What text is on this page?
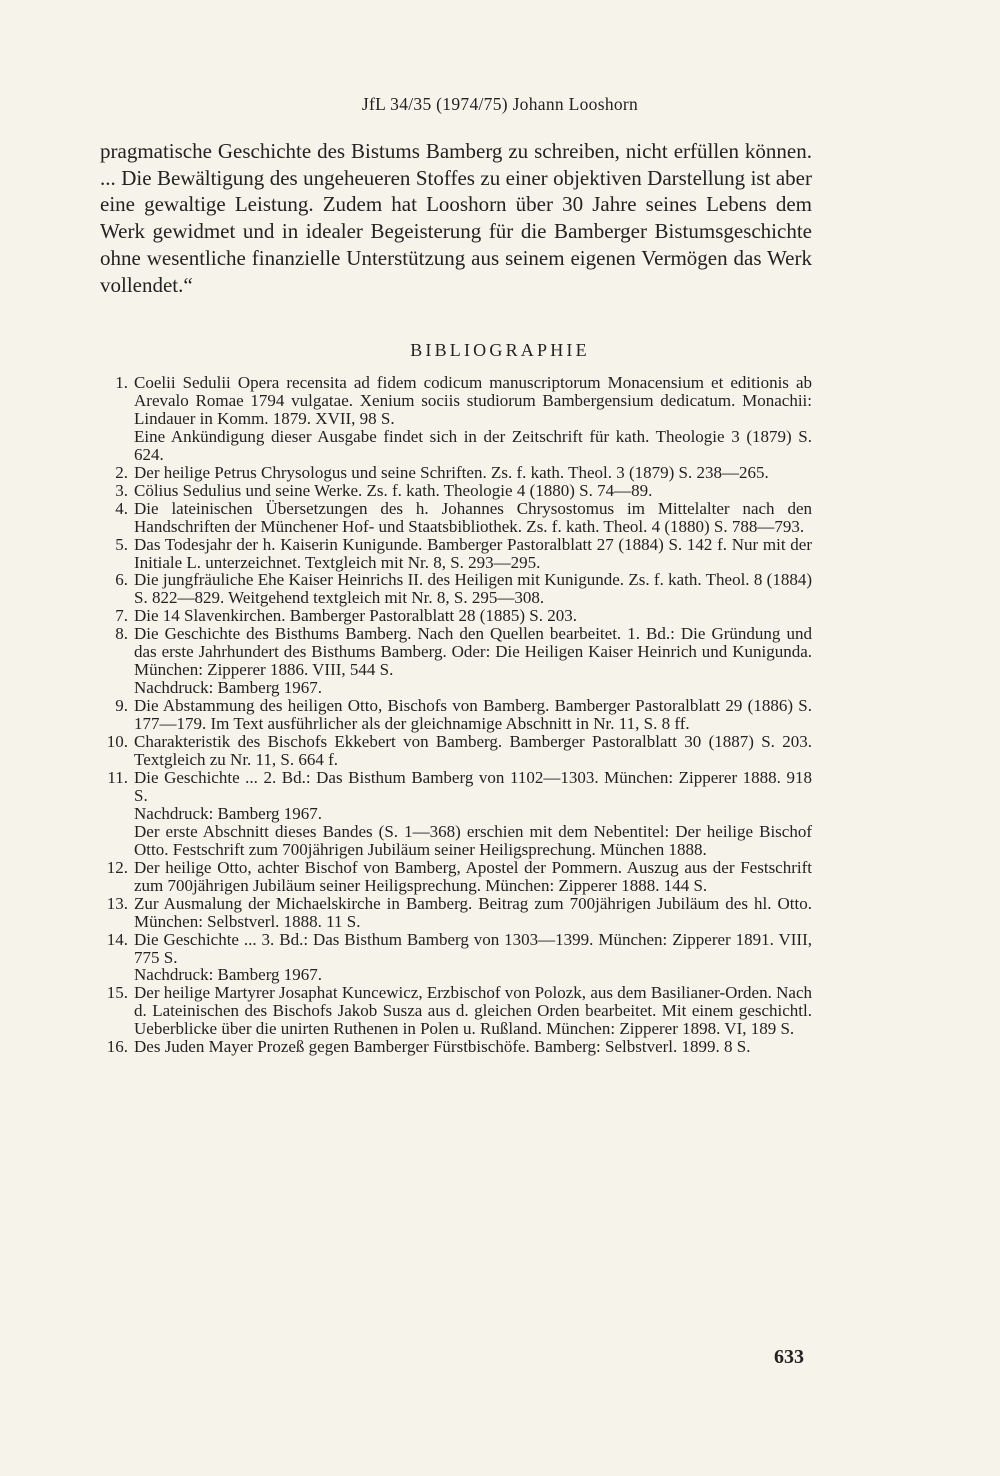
JfL 34/35 (1974/75) Johann Looshorn

pragmatische Geschichte des Bistums Bamberg zu schreiben, nicht erfüllen können. ... Die Bewältigung des ungeheueren Stoffes zu einer objektiven Darstellung ist aber eine gewaltige Leistung. Zudem hat Looshorn über 30 Jahre seines Lebens dem Werk gewidmet und in idealer Begeisterung für die Bamberger Bistumsgeschichte ohne wesentliche finanzielle Unterstützung aus seinem eigenen Vermögen das Werk vollendet.“

BIBLIOGRAPHIE
1. Coelii Sedulii Opera recensita ad fidem codicum manuscriptorum Monacensium et editionis ab Arevalo Romae 1794 vulgatae. Xenium sociis studiorum Bambergensium dedicatum. Monachii: Lindauer in Komm. 1879. XVII, 98 S.
Eine Ankündigung dieser Ausgabe findet sich in der Zeitschrift für kath. Theologie 3 (1879) S. 624.
2. Der heilige Petrus Chrysologus und seine Schriften. Zs. f. kath. Theol. 3 (1879) S. 238—265.
3. Cölius Sedulius und seine Werke. Zs. f. kath. Theologie 4 (1880) S. 74—89.
4. Die lateinischen Übersetzungen des h. Johannes Chrysostomus im Mittelalter nach den Handschriften der Münchener Hof- und Staatsbibliothek. Zs. f. kath. Theol. 4 (1880) S. 788—793.
5. Das Todesjahr der h. Kaiserin Kunigunde. Bamberger Pastoralblatt 27 (1884) S. 142 f. Nur mit der Initiale L. unterzeichnet. Textgleich mit Nr. 8, S. 293—295.
6. Die jungfräuliche Ehe Kaiser Heinrichs II. des Heiligen mit Kunigunde. Zs. f. kath. Theol. 8 (1884) S. 822—829. Weitgehend textgleich mit Nr. 8, S. 295—308.
7. Die 14 Slavenkirchen. Bamberger Pastoralblatt 28 (1885) S. 203.
8. Die Geschichte des Bisthums Bamberg. Nach den Quellen bearbeitet. 1. Bd.: Die Gründung und das erste Jahrhundert des Bisthums Bamberg. Oder: Die Heiligen Kaiser Heinrich und Kunigunda. München: Zipperer 1886. VIII, 544 S.
Nachdruck: Bamberg 1967.
9. Die Abstammung des heiligen Otto, Bischofs von Bamberg. Bamberger Pastoralblatt 29 (1886) S. 177—179. Im Text ausführlicher als der gleichnamige Abschnitt in Nr. 11, S. 8 ff.
10. Charakteristik des Bischofs Ekkebert von Bamberg. Bamberger Pastoralblatt 30 (1887) S. 203. Textgleich zu Nr. 11, S. 664 f.
11. Die Geschichte ... 2. Bd.: Das Bisthum Bamberg von 1102—1303. München: Zipperer 1888. 918 S.
Nachdruck: Bamberg 1967.
Der erste Abschnitt dieses Bandes (S. 1—368) erschien mit dem Nebentitel: Der heilige Bischof Otto. Festschrift zum 700jährigen Jubiläum seiner Heiligsprechung. München 1888.
12. Der heilige Otto, achter Bischof von Bamberg, Apostel der Pommern. Auszug aus der Festschrift zum 700jährigen Jubiläum seiner Heiligsprechung. München: Zipperer 1888. 144 S.
13. Zur Ausmalung der Michaelskirche in Bamberg. Beitrag zum 700jährigen Jubiläum des hl. Otto. München: Selbstverl. 1888. 11 S.
14. Die Geschichte ... 3. Bd.: Das Bisthum Bamberg von 1303—1399. München: Zipperer 1891. VIII, 775 S.
Nachdruck: Bamberg 1967.
15. Der heilige Martyrer Josaphat Kuncewicz, Erzbischof von Polozk, aus dem Basilianer-Orden. Nach d. Lateinischen des Bischofs Jakob Susza aus d. gleichen Orden bearbeitet. Mit einem geschichtl. Ueberblicke über die unirten Ruthenen in Polen u. Rußland. München: Zipperer 1898. VI, 189 S.
16. Des Juden Mayer Prozeß gegen Bamberger Fürstbischöfe. Bamberg: Selbstverl. 1899. 8 S.
633
